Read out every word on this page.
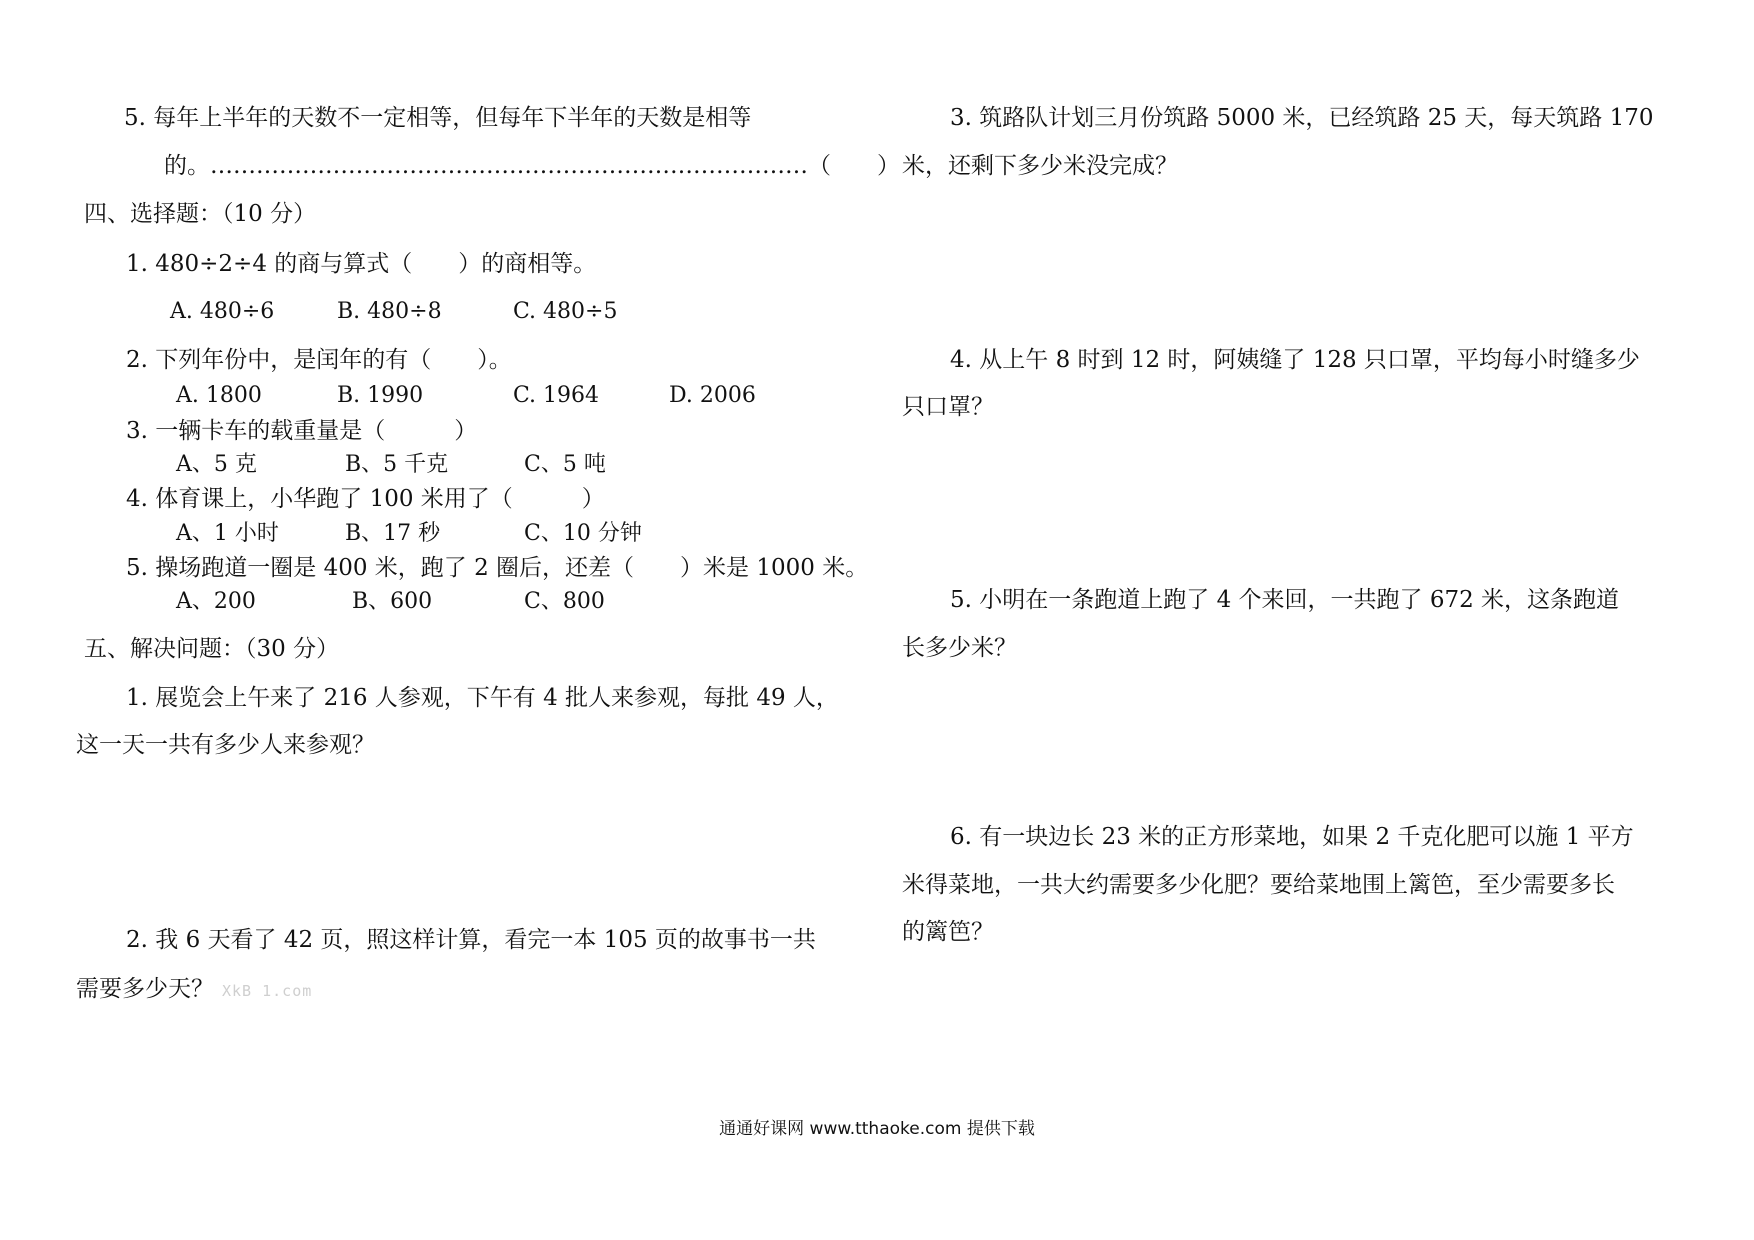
5. 每年上半年的天数不一定相等，但每年下半年的天数是相等
的。……………………………………………………………………（　　）
四、选择题：（10 分）
1. 480÷2÷4 的商与算式（　　）的商相等。
A. 480÷6	B. 480÷8	C. 480÷5
2. 下列年份中，是闰年的有（　　）。
A. 1800	B. 1990	C. 1964	D. 2006
3. 一辆卡车的载重量是（　　　）
A、5 克	B、5 千克	C、5 吨
4. 体育课上，小华跑了 100 米用了（　　　）
A、1 小时	B、17 秒	C、10 分钟
5. 操场跑道一圈是 400 米，跑了 2 圈后，还差（　　）米是 1000 米。
A、200	B、600	C、800
五、解决问题：（30 分）
1. 展览会上午来了 216 人参观，下午有 4 批人来参观，每批 49 人，
这一天一共有多少人来参观？
2. 我 6 天看了 42 页，照这样计算，看完一本 105 页的故事书一共
需要多少天？ XkB 1.com
3. 筑路队计划三月份筑路 5000 米，已经筑路 25 天，每天筑路 170
米，还剩下多少米没完成？
4. 从上午 8 时到 12 时，阿姨缝了 128 只口罩，平均每小时缝多少
只口罩？
5. 小明在一条跑道上跑了 4 个来回，一共跑了 672 米，这条跑道
长多少米？
6. 有一块边长 23 米的正方形菜地，如果 2 千克化肥可以施 1 平方
米得菜地，一共大约需要多少化肥？要给菜地围上篱笆，至少需要多长
的篱笆？
通通好课网 www.tthaoke.com 提供下载
